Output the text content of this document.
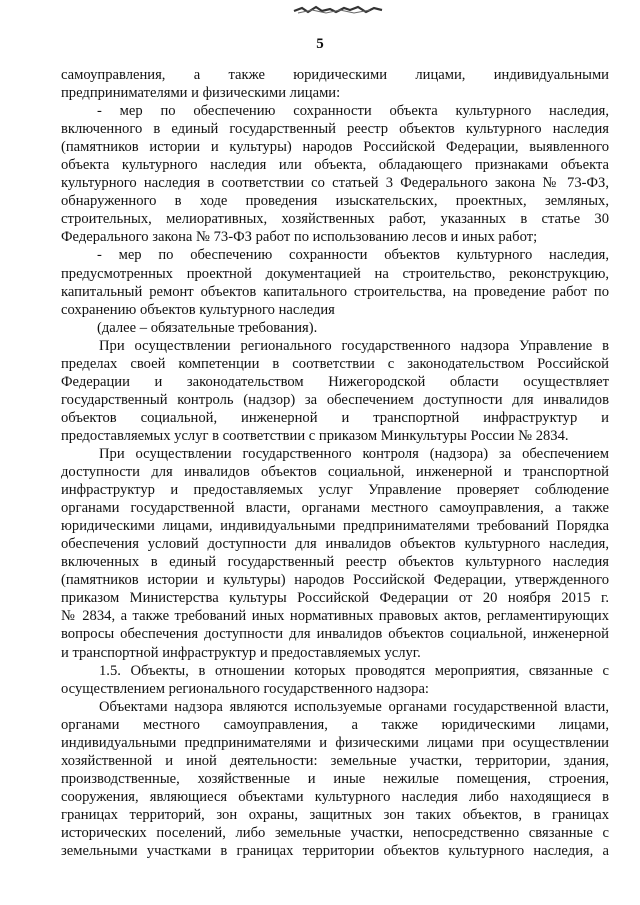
5

самоуправления, а также юридическими лицами, индивидуальными

предпринимателями и физическими лицами:

- мер по обеспечению сохранности объекта культурного наследия,

включенного в единый государственный реестр объектов культурного наследия

(памятников истории и культуры) народов Российской Федерации, выявленного

объекта культурного наследия или объекта, обладающего признаками объекта

культурного наследия в соответствии со статьей 3 Федерального закона № 73-ФЗ,

обнаруженного в ходе проведения изыскательских, проектных, земляных,

строительных, мелиоративных, хозяйственных работ, указанных в статье 30

Федерального закона № 73-ФЗ работ по использованию лесов и иных работ;

- мер по обеспечению сохранности объектов культурного наследия,

предусмотренных проектной документацией на строительство, реконструкцию,

капитальный ремонт объектов капитального строительства, на проведение работ по

сохранению объектов культурного наследия

(далее – обязательные требования).

При осуществлении регионального государственного надзора Управление в

пределах своей компетенции в соответствии с законодательством Российской

Федерации и законодательством Нижегородской области осуществляет

государственный контроль (надзор) за обеспечением доступности для инвалидов

объектов социальной, инженерной и транспортной инфраструктур и

предоставляемых услуг в соответствии с приказом Минкультуры России № 2834.

При осуществлении государственного контроля (надзора) за обеспечением

доступности для инвалидов объектов социальной, инженерной и транспортной

инфраструктур и предоставляемых услуг Управление проверяет соблюдение

органами государственной власти, органами местного самоуправления, а также

юридическими лицами, индивидуальными предпринимателями требований Порядка

обеспечения условий доступности для инвалидов объектов культурного наследия,

включенных в единый государственный реестр объектов культурного наследия

(памятников истории и культуры) народов Российской Федерации, утвержденного

приказом Министерства культуры Российской Федерации от 20 ноября 2015 г.

№ 2834, а также требований иных нормативных правовых актов, регламентирующих

вопросы обеспечения доступности для инвалидов объектов социальной, инженерной

и транспортной инфраструктур и предоставляемых услуг.

1.5. Объекты, в отношении которых проводятся мероприятия, связанные с

осуществлением регионального государственного надзора:

Объектами надзора являются используемые органами государственной власти,

органами местного самоуправления, а также юридическими лицами,

индивидуальными предпринимателями и физическими лицами при осуществлении

хозяйственной и иной деятельности: земельные участки, территории, здания,

производственные, хозяйственные и иные нежилые помещения, строения,

сооружения, являющиеся объектами культурного наследия либо находящиеся в

границах территорий, зон охраны, защитных зон таких объектов, в границах

исторических поселений, либо земельные участки, непосредственно связанные с

земельными участками в границах территории объектов культурного наследия, а
